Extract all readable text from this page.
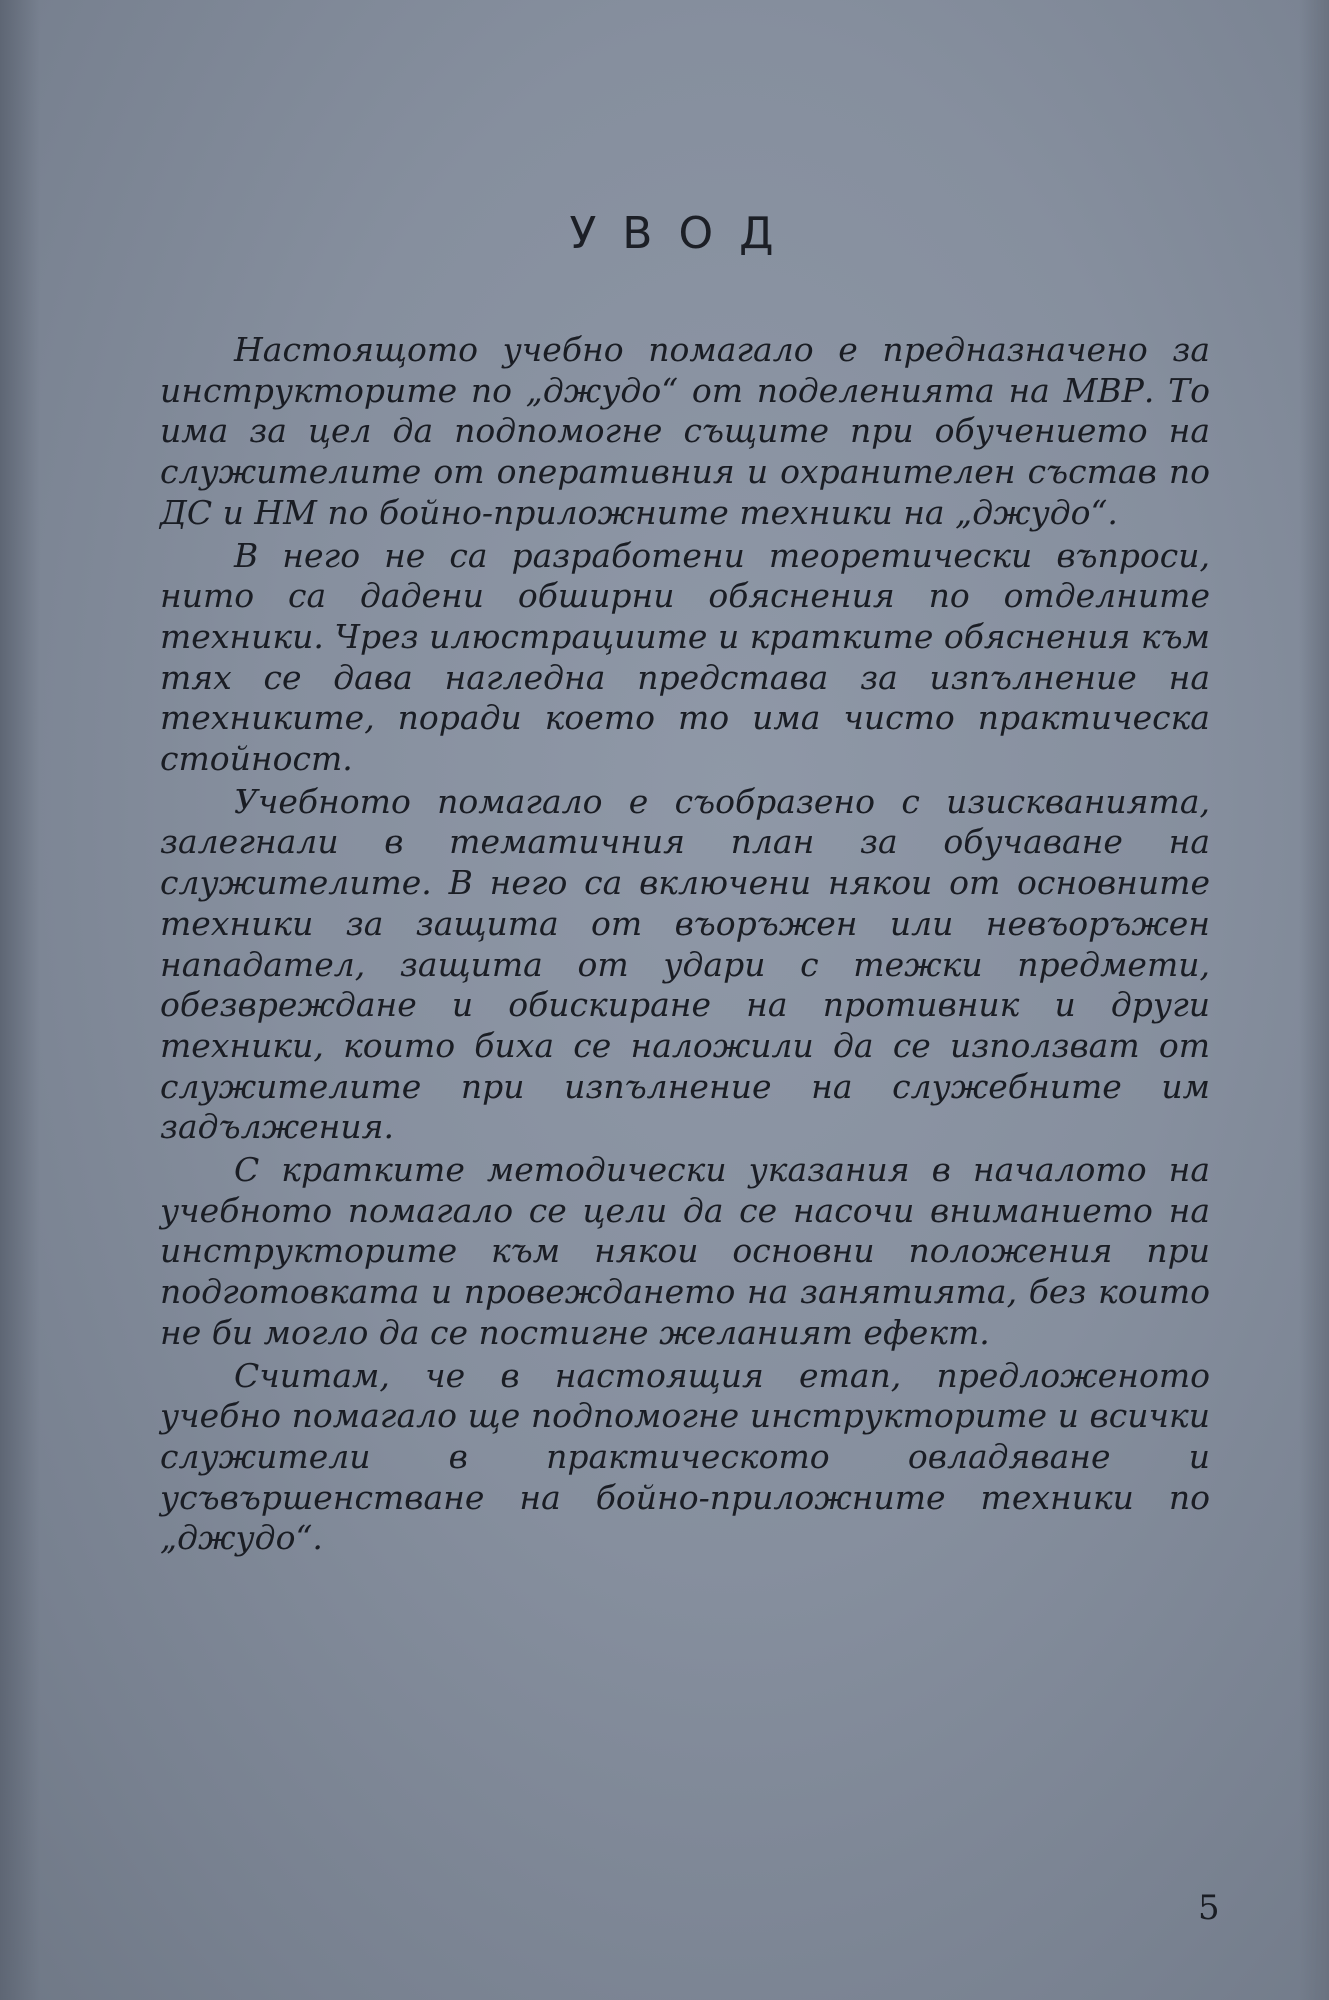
УВОД

Настоящото учебно помагало е предназначено за инструкторите по „джудо“ от поделенията на МВР. То има за цел да подпомогне същите при обучението на служителите от оперативния и охранителен състав по ДС и НМ по бойно-приложните техники на „джудо“.

В него не са разработени теоретически въпроси, нито са дадени обширни обяснения по отделните техники. Чрез илюстрациите и кратките обяснения към тях се дава нагледна представа за изпълнение на техниките, поради което то има чисто практическа стойност.

Учебното помагало е съобразено с изискванията, залегнали в тематичния план за обучаване на служителите. В него са включени някои от основните техники за защита от въоръжен или невъоръжен нападател, защита от удари с тежки предмети, обезвреждане и обискиране на противник и други техники, които биха се наложили да се използват от служителите при изпълнение на служебните им задължения.

С кратките методически указания в началото на учебното помагало се цели да се насочи вниманието на инструкторите към някои основни положения при подготовката и провеждането на занятията, без които не би могло да се постигне желаният ефект.

Считам, че в настоящия етап, предложеното учебно помагало ще подпомогне инструкторите и всички служители в практическото овладяване и усъвършенстване на бойно-приложните техники по „джудо“.

5
